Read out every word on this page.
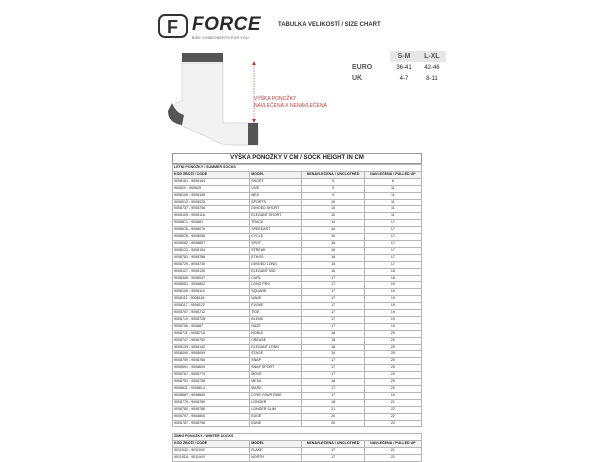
F FORCE
BIKE COMPONENTS FOR YOU
TABULKA VELIKOSTÍ / SIZE CHART
VÝŠKA PONOŽKY
NAVLEČENÁ X NENAVLEČENÁ
	S-M	L-XL
EURO	36-41	42-46
UK	4-7	8-11
VÝŠKA PONOŽKY V CM / SOCK HEIGHT IN CM
LETNÍ PONOŽKY / SUMMER SOCKS			
KÓD ZBOŽÍ / CODE	MODEL	NENAVLEČENÁ / UNCLOTHED	NAVLEČENÁ / PULLED UP
9008161 - 9008164	SHORT	5	6
900820 - 900825	VIVE	9	11
9008105 - 9008108	MES	9	11
9008012 - 9008025	SPORTS	10	11
9008737 - 9008746	DIVIDED SHORT	10	11
9008105 - 9008116	ELEGANT SHORT	10	11
9008871 - 900881	TRACE	14	17
9008076 - 9008076	SPEEDAST	16	17
9008076 - 9008056	CYCLE	16	17
9008082 - 9008897	SPOT	16	17
9008123 - 9008154	STREAK	16	17
9008781 - 9008786	ETHOS	16	17
9008729 - 9008736	DIVIDED LONG	16	17
9008127 - 9008130	ELEGANT MID	16	18
9008308 - 9008047	CURL	17	18
9008051 - 9008802	LONG PRO	17	19
9008105 - 9008110	SQUARE	17	19
9008111 - 9008116	WAVE	17	19
9008117 - 9008122	EVOKE	17	19
9008707 - 9008712	TIDE	17	19
9008710 - 9008728	BLEND	17	19
9008756 - 900887	HAZE	17	19
9008711 - 9008718	NOBLE	18	20
9008747 - 9008752	CREASE	18	20
9008139 - 9008142	ELEGANT LONG	18	20
9008090 - 9008099	STAGE	19	20
9008759 - 9008766	SNAP	17	20
9008591 - 9008609	SNAP SPORT	17	20
9008767 - 9008774	MOVE	17	20
9008751 - 9008758	MESA	18	20
9008611 - 9008614	MARK	17	20
9008687 - 9008650	LOVE YOUR RIDE	17	19
9008779 - 9008780	LONGER	18	21
9008780 - 9008786	LONGER SLIM	21	22
9008797 - 9008806	EDGE	20	22
9008787 - 9008796	DUNE	20	22
ZIMNÍ PONOŽKY / WINTER SOCKS			
KÓD ZBOŽÍ / CODE	MODEL	NENAVLEČENÁ / UNCLOTHED	NAVLEČENÁ / PULLED UP
901194Z - 901194Y	FLAKE	17	21
901191A - 901194Y	NORTH	17	21
